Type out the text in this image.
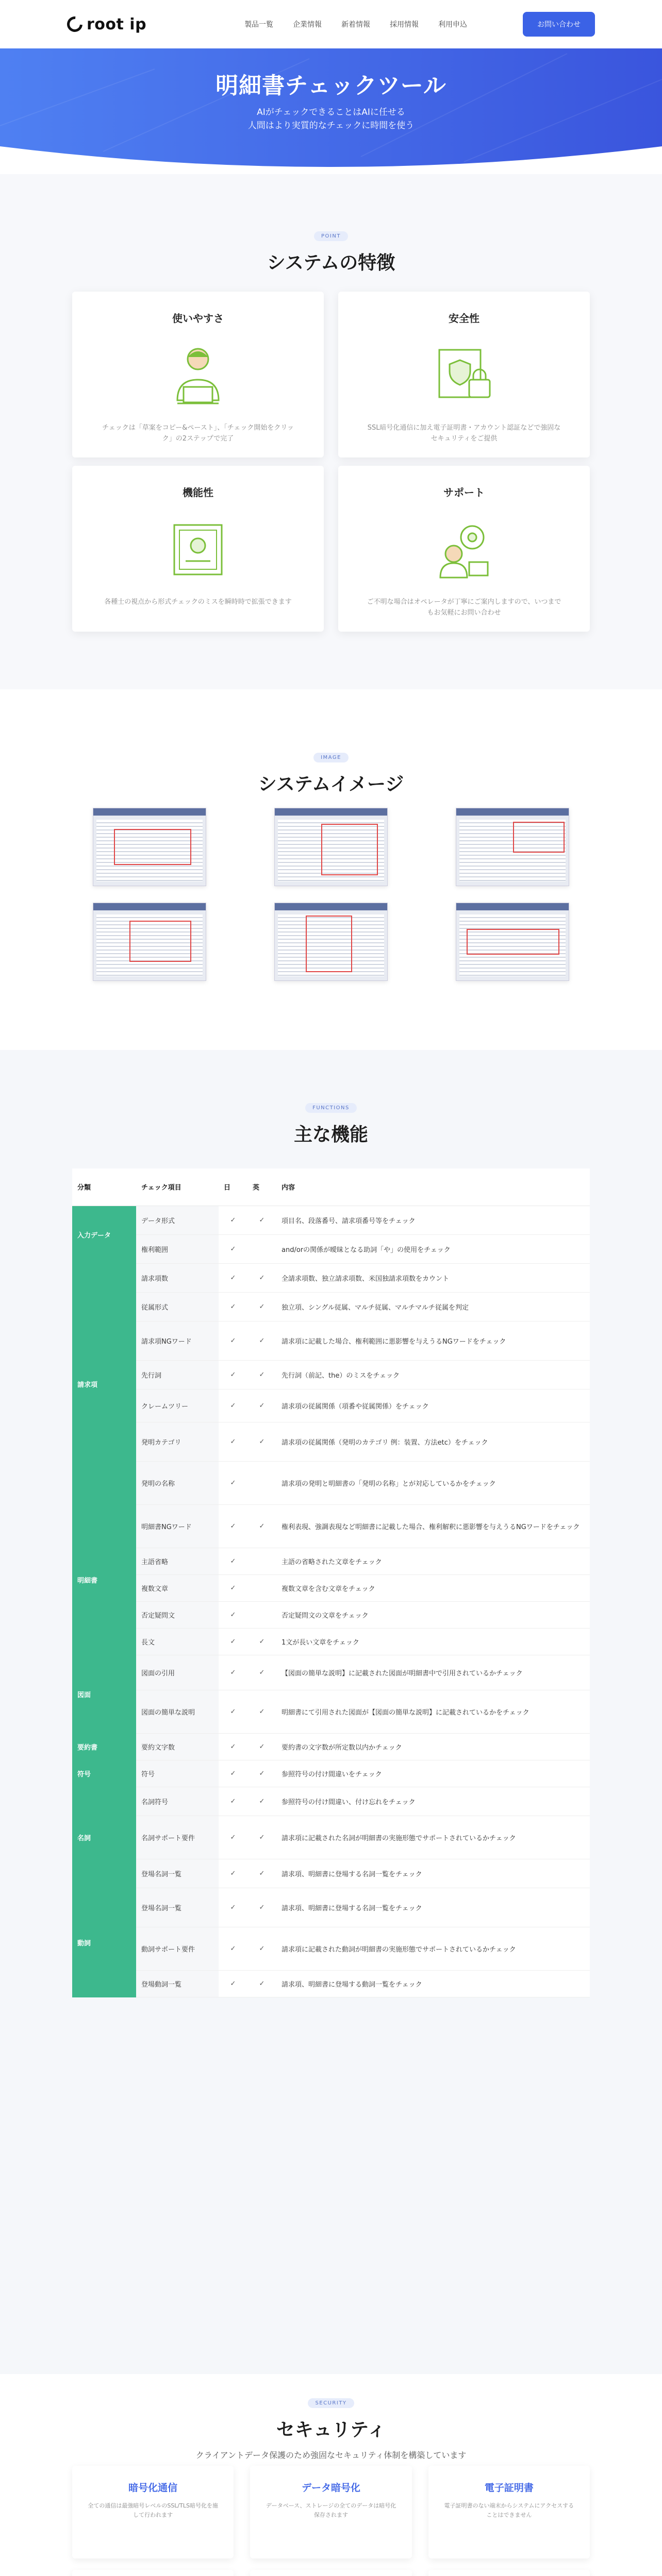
root ip	製品一覧	企業情報	新着情報	採用情報	利用申込	お問い合わせ
明細書チェックツール

AIがチェックできることはAIに任せる
人間はより実質的なチェックに時間を使う

POINT
システムの特徴
使いやすさ

チェックは「草案をコピー&ペースト」、「チェック開始をクリック」の2ステップで完了

安全性

SSL暗号化通信に加え電子証明書・アカウント認証などで強固なセキュリティをご提供

機能性

各種士の視点から形式チェックのミスを瞬時時で拡張できます

サポート

ご不明な場合はオペレータが丁寧にご案内しますので、いつまでもお気軽にお問い合わせ

IMAGE
システムイメージ
FUNCTIONS
主な機能
分類	チェック項目	日	英	内容
入力データ	データ形式	✓	✓	項目名、段落番号、請求項番号等をチェック
	権利範囲	✓		and/orの関係が曖昧となる助詞「や」の使用をチェック
請求項	請求項数	✓	✓	全請求項数、独立請求項数、米国独請求項数をカウント
	従属形式	✓	✓	独立項、シングル従属、マルチ従属、マルチマルチ従属を判定
	請求項NGワード	✓	✓	請求項に記載した場合、権利範囲に悪影響を与えうるNGワードをチェック
	先行詞	✓	✓	先行詞（前記、the）のミスをチェック
	クレームツリー	✓	✓	請求項の従属関係（項番や従属関係）をチェック
	発明カテゴリ	✓	✓	請求項の従属関係（発明のカテゴリ 例：装置、方法etc）をチェック
	発明の名称	✓		請求項の発明と明細書の「発明の名称」とが対応しているかをチェック
明細書	明細書NGワード	✓	✓	権利表現、強調表現など明細書に記載した場合、権利解釈に悪影響を与えうるNGワードをチェック
	主語省略	✓		主語の省略された文章をチェック
	複数文章	✓		複数文章を含む文章をチェック
	否定疑問文	✓		否定疑問文の文章をチェック
	長文	✓	✓	1文が長い文章をチェック
図面	図面の引用	✓	✓	【図面の簡単な説明】に記載された図面が明細書中で引用されているかチェック
	図面の簡単な説明	✓	✓	明細書にて引用された図面が【図面の簡単な説明】に記載されているかをチェック
要約書	要約文字数	✓	✓	要約書の文字数が所定数以内かチェック
符号	符号	✓	✓	参照符号の付け間違いをチェック
名詞	名詞符号	✓	✓	参照符号の付け間違い、付け忘れをチェック
	名詞サポート要件	✓	✓	請求項に記載された名詞が明細書の実施形態でサポートされているかチェック
	登場名詞一覧	✓	✓	請求項、明細書に登場する名詞一覧をチェック
動詞	登場名詞一覧	✓	✓	請求項、明細書に登場する名詞一覧をチェック
	動詞サポート要件	✓	✓	請求項に記載された動詞が明細書の実施形態でサポートされているかチェック
	登場動詞一覧	✓	✓	請求項、明細書に登場する動詞一覧をチェック
SECURITY
セキュリティ

クライアントデータ保護のため強固なセキュリティ体制を構築しています

暗号化通信

全ての通信は最強暗号レベルのSSL/TLS暗号化を施して行われます

データ暗号化

データベース、ストレージの全てのデータは暗号化保存されます

電子証明書

電子証明書のない端末からシステムにアクセスすることはできません
